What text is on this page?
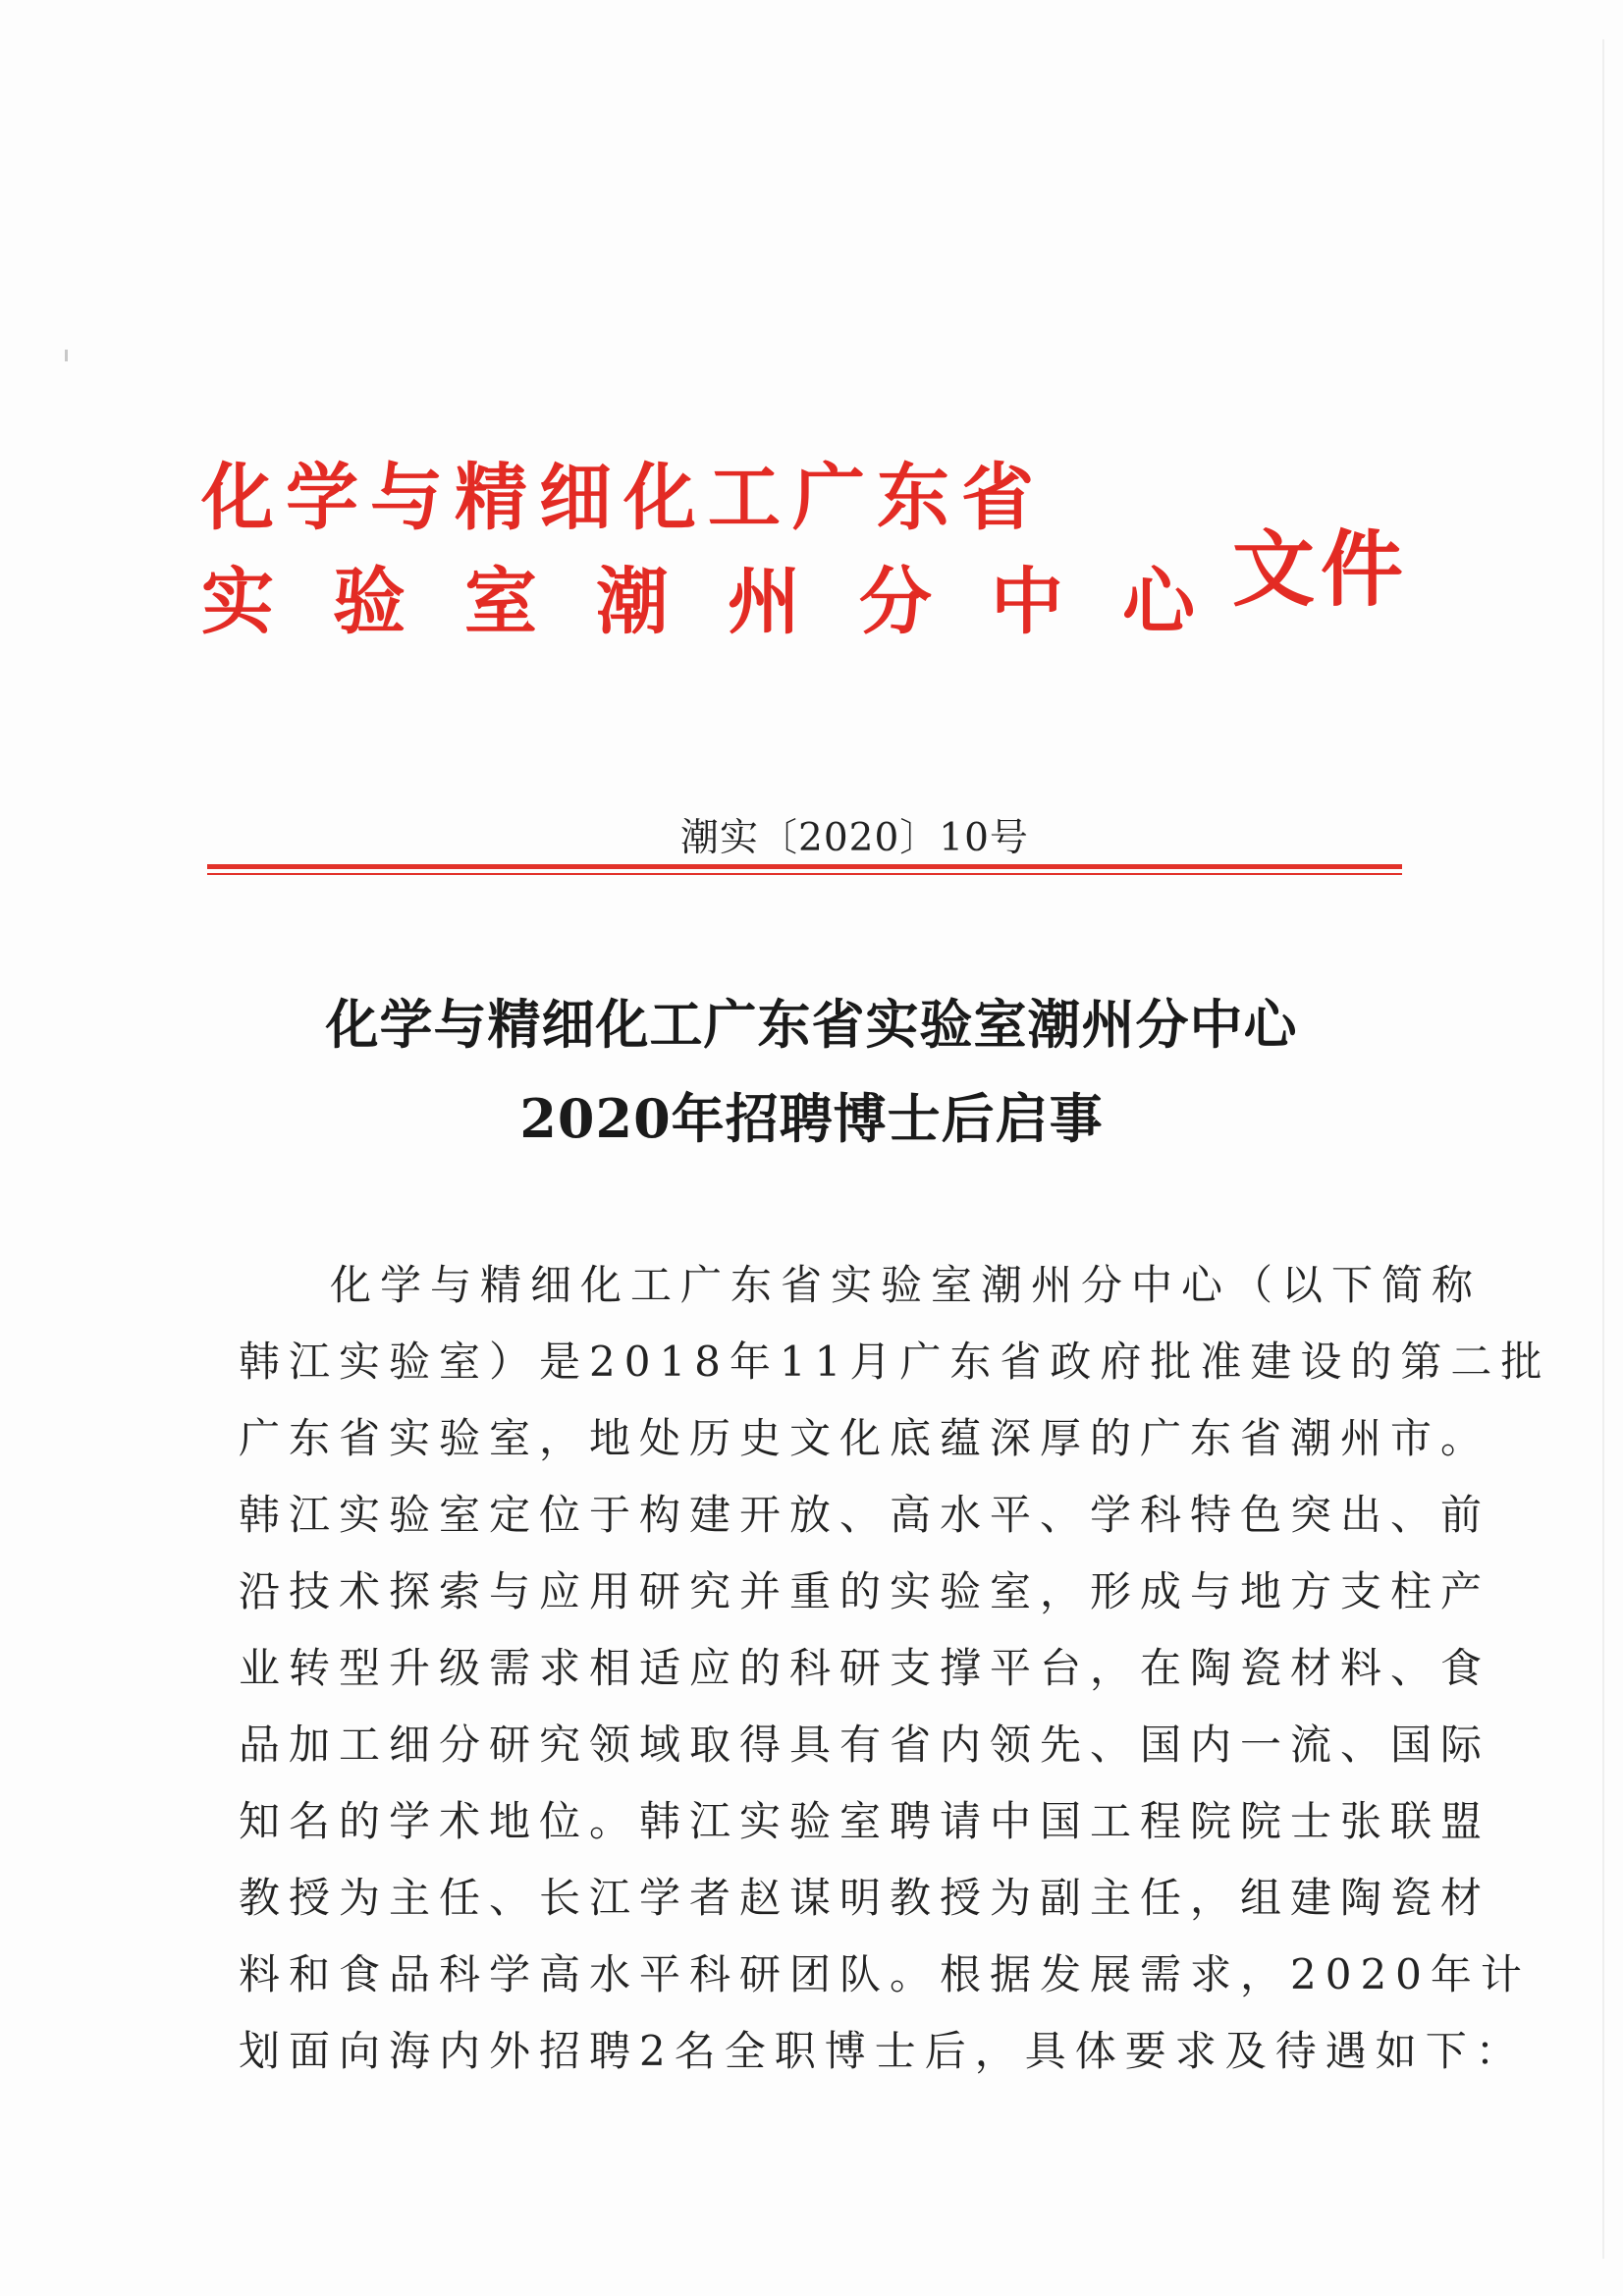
化学与精细化工广东省
实验室潮州分中心
文件
潮实〔2020〕10号
化学与精细化工广东省实验室潮州分中心
2020年招聘博士后启事
化学与精细化工广东省实验室潮州分中心（以下简称
韩江实验室）是2018年11月广东省政府批准建设的第二批
广东省实验室，地处历史文化底蕴深厚的广东省潮州市。
韩江实验室定位于构建开放、高水平、学科特色突出、前
沿技术探索与应用研究并重的实验室，形成与地方支柱产
业转型升级需求相适应的科研支撑平台，在陶瓷材料、食
品加工细分研究领域取得具有省内领先、国内一流、国际
知名的学术地位。韩江实验室聘请中国工程院院士张联盟
教授为主任、长江学者赵谋明教授为副主任，组建陶瓷材
料和食品科学高水平科研团队。根据发展需求，2020年计
划面向海内外招聘2名全职博士后，具体要求及待遇如下：
